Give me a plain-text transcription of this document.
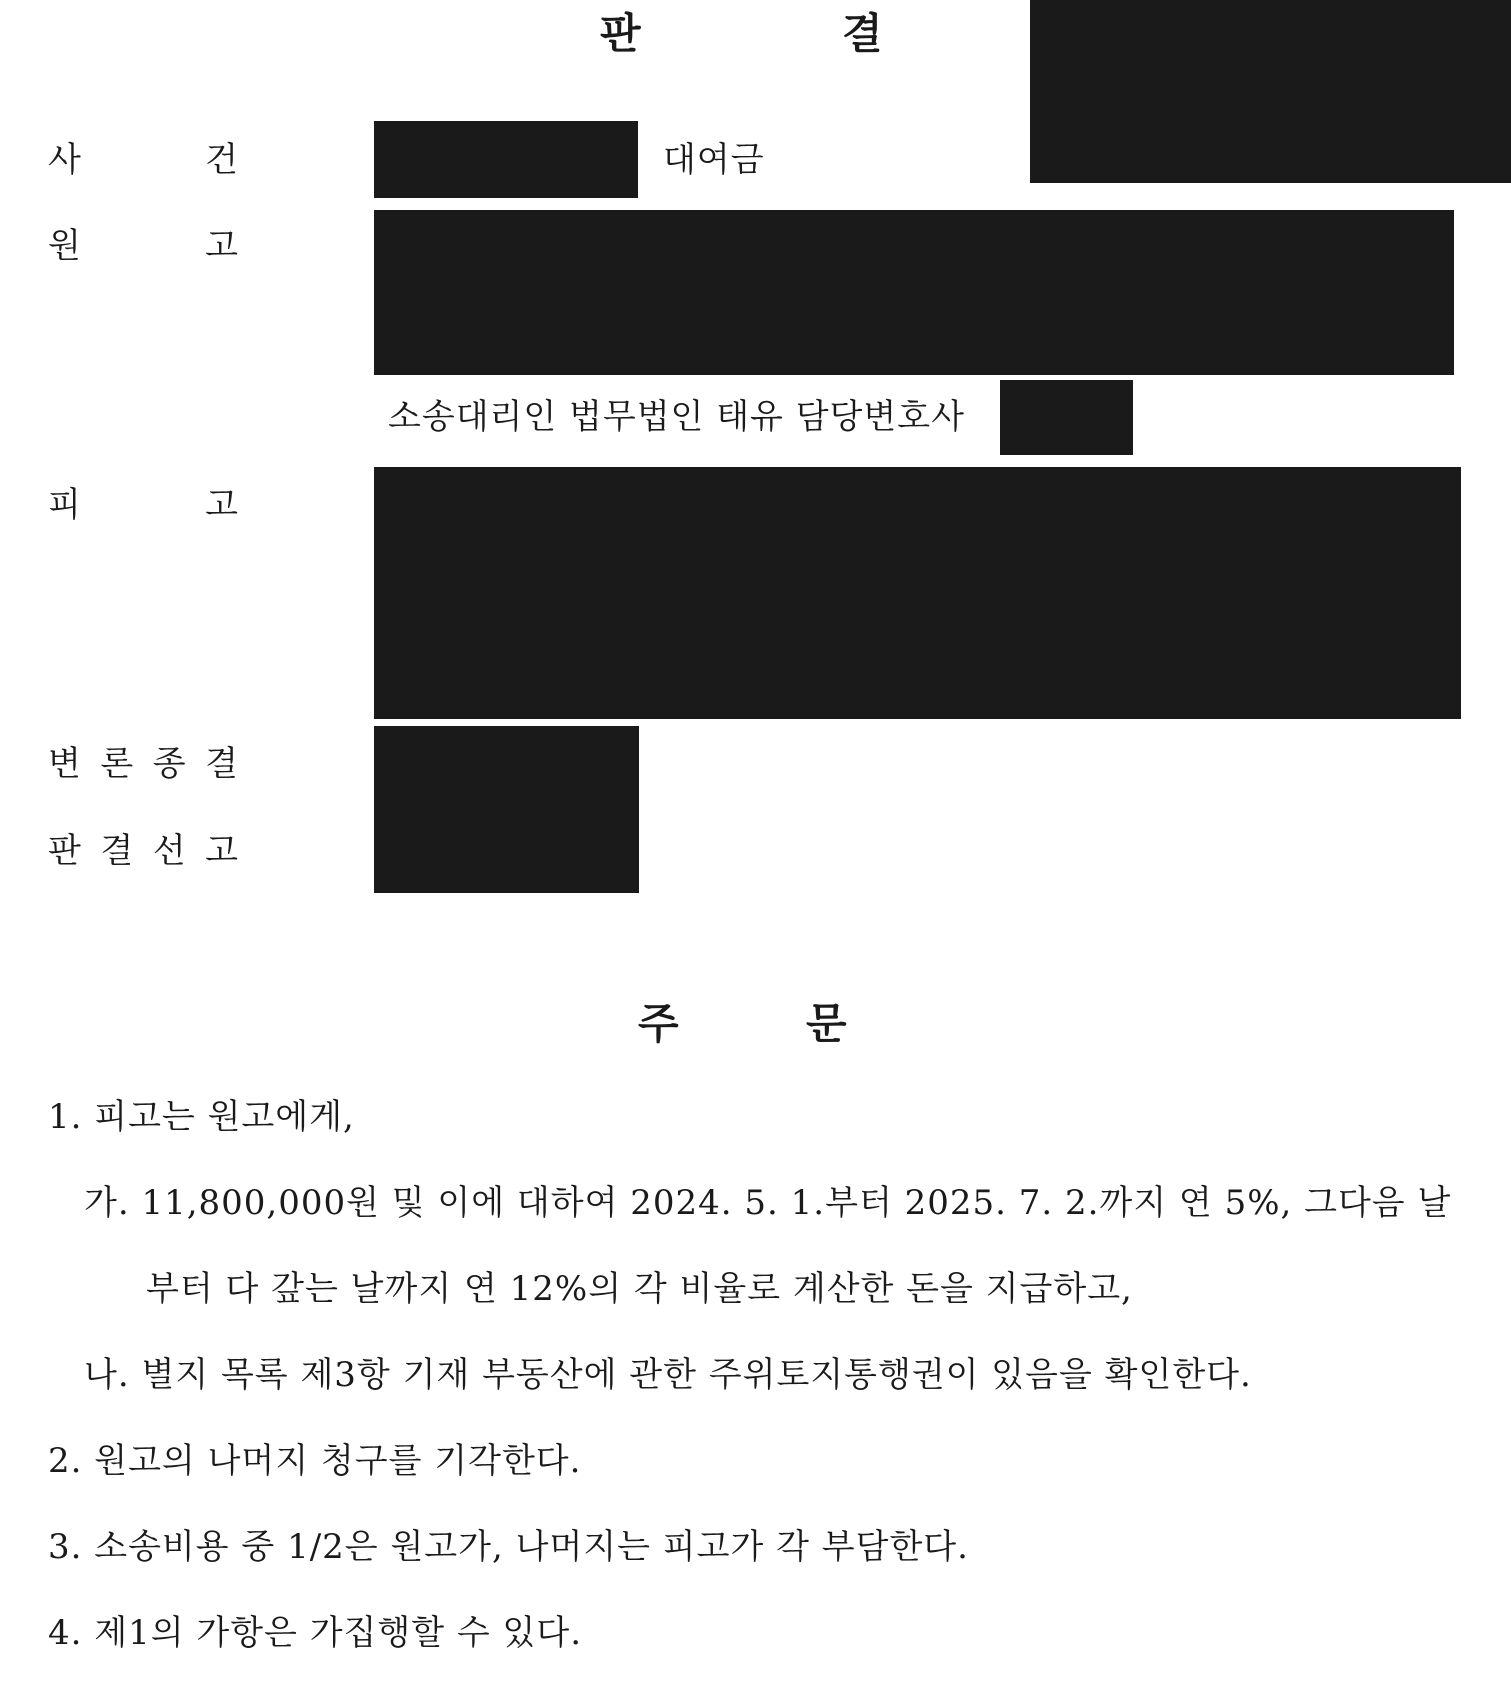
판	결
사	건	대여금
원	고
소송대리인 법무법인 태유 담당변호사
피	고
변 론 종 결
판 결 선 고
주	문
1. 피고는 원고에게,
가. 11,800,000원 및 이에 대하여 2024. 5. 1.부터 2025. 7. 2.까지 연 5%, 그다음 날
부터 다 갚는 날까지 연 12%의 각 비율로 계산한 돈을 지급하고,
나. 별지 목록 제3항 기재 부동산에 관한 주위토지통행권이 있음을 확인한다.
2. 원고의 나머지 청구를 기각한다.
3. 소송비용 중 1/2은 원고가, 나머지는 피고가 각 부담한다.
4. 제1의 가항은 가집행할 수 있다.
